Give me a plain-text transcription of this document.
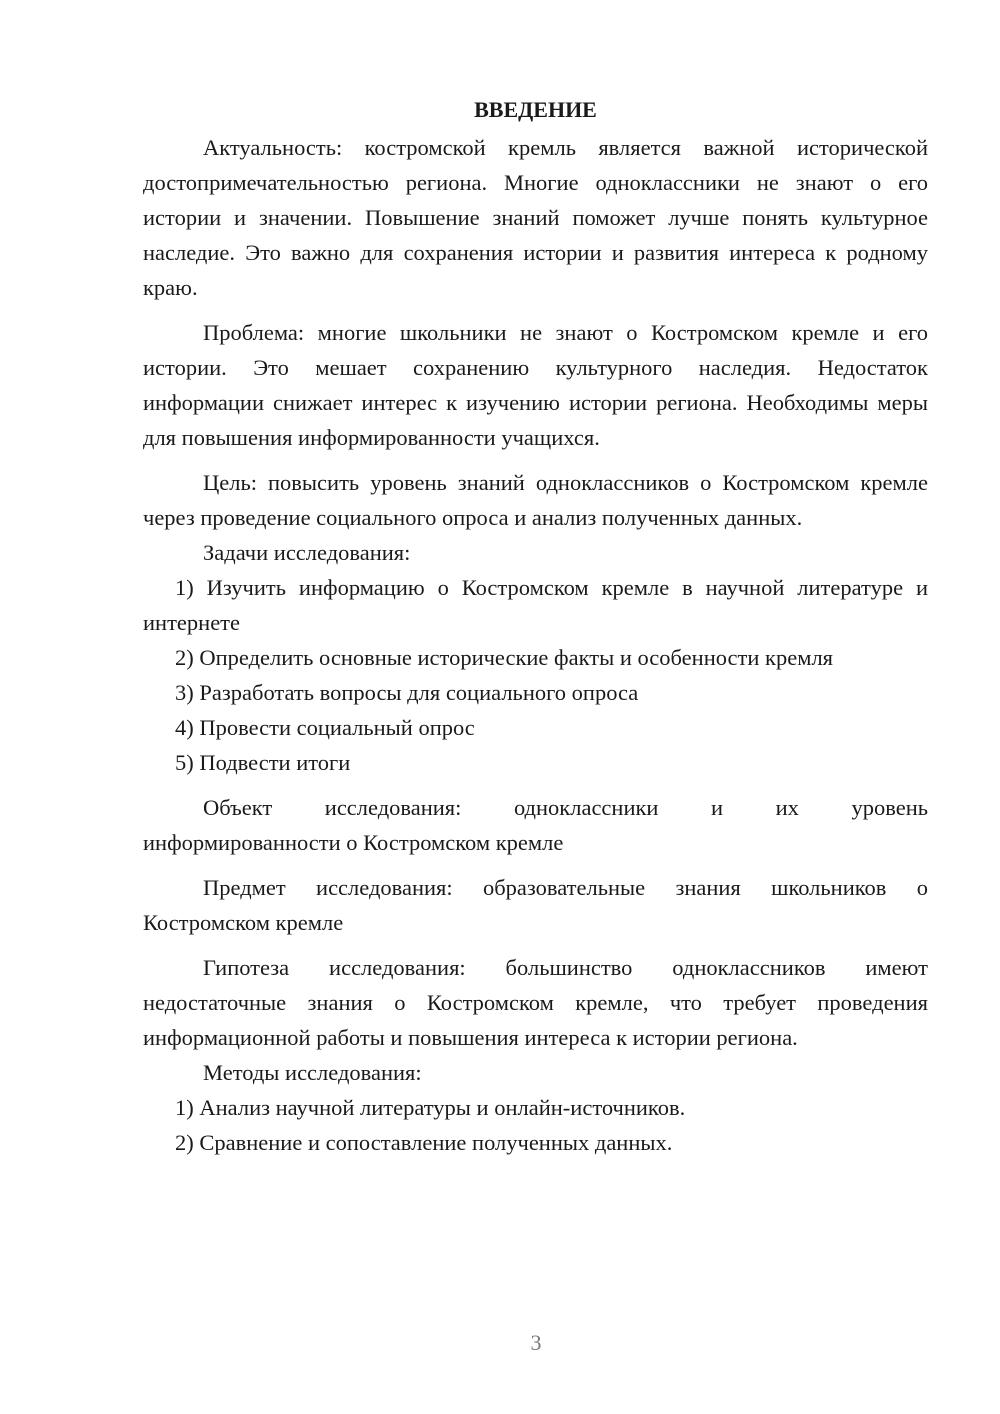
ВВЕДЕНИЕ

Актуальность: костромской кремль является важной исторической достопримечательностью региона. Многие одноклассники не знают о его истории и значении. Повышение знаний поможет лучше понять культурное наследие. Это важно для сохранения истории и развития интереса к родному краю.

Проблема: многие школьники не знают о Костромском кремле и его истории. Это мешает сохранению культурного наследия. Недостаток информации снижает интерес к изучению истории региона. Необходимы меры для повышения информированности учащихся.

Цель: повысить уровень знаний одноклассников о Костромском кремле через проведение социального опроса и анализ полученных данных.

Задачи исследования:

1) Изучить информацию о Костромском кремле в научной литературе и интернете

2) Определить основные исторические факты и особенности кремля

3) Разработать вопросы для социального опроса

4) Провести социальный опрос

5) Подвести итоги

Объект исследования: одноклассники и их уровень

информированности о Костромском кремле

Предмет исследования: образовательные знания школьников о Костромском кремле

Гипотеза исследования: большинство одноклассников имеют недостаточные знания о Костромском кремле, что требует проведения информационной работы и повышения интереса к истории региона.

Методы исследования:

1) Анализ научной литературы и онлайн-источников.

2) Сравнение и сопоставление полученных данных.

3
